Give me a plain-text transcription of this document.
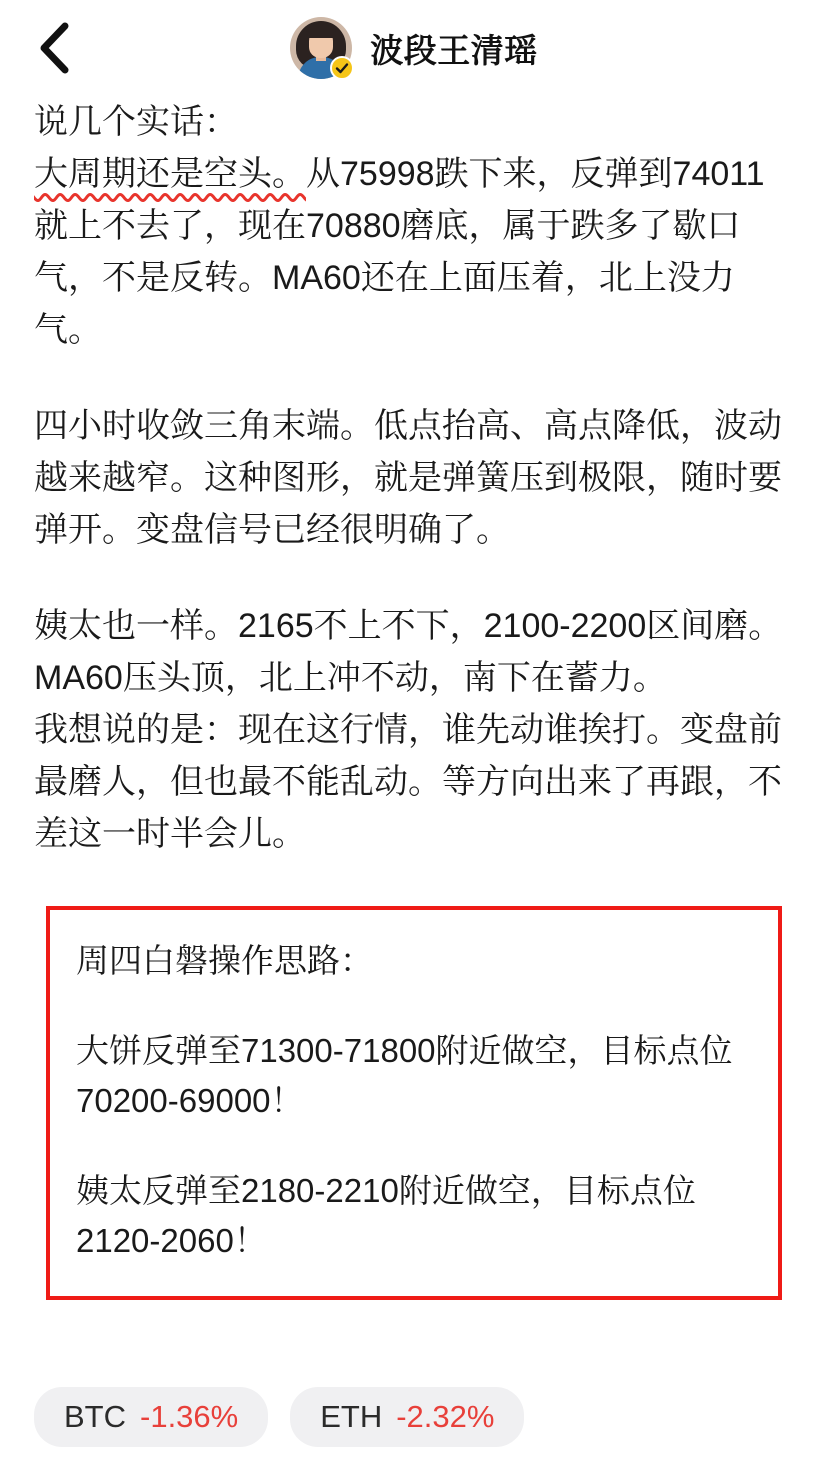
波段王清瑶

说几个实话：

大周期还是空头。从75998跌下来，反弹到74011就上不去了，现在70880磨底，属于跌多了歇口气，不是反转。MA60还在上面压着，北上没力气。

四小时收敛三角末端。低点抬高、高点降低，波动越来越窄。这种图形，就是弹簧压到极限，随时要弹开。变盘信号已经很明确了。

姨太也一样。2165不上不下，2100-2200区间磨。MA60压头顶，北上冲不动，南下在蓄力。

我想说的是：现在这行情，谁先动谁挨打。变盘前最磨人，但也最不能乱动。等方向出来了再跟，不差这一时半会儿。

周四白磐操作思路：

大饼反弹至71300-71800附近做空，目标点位70200-69000！

姨太反弹至2180-2210附近做空，目标点位2120-2060！

BTC -1.36%	ETH -2.32%
